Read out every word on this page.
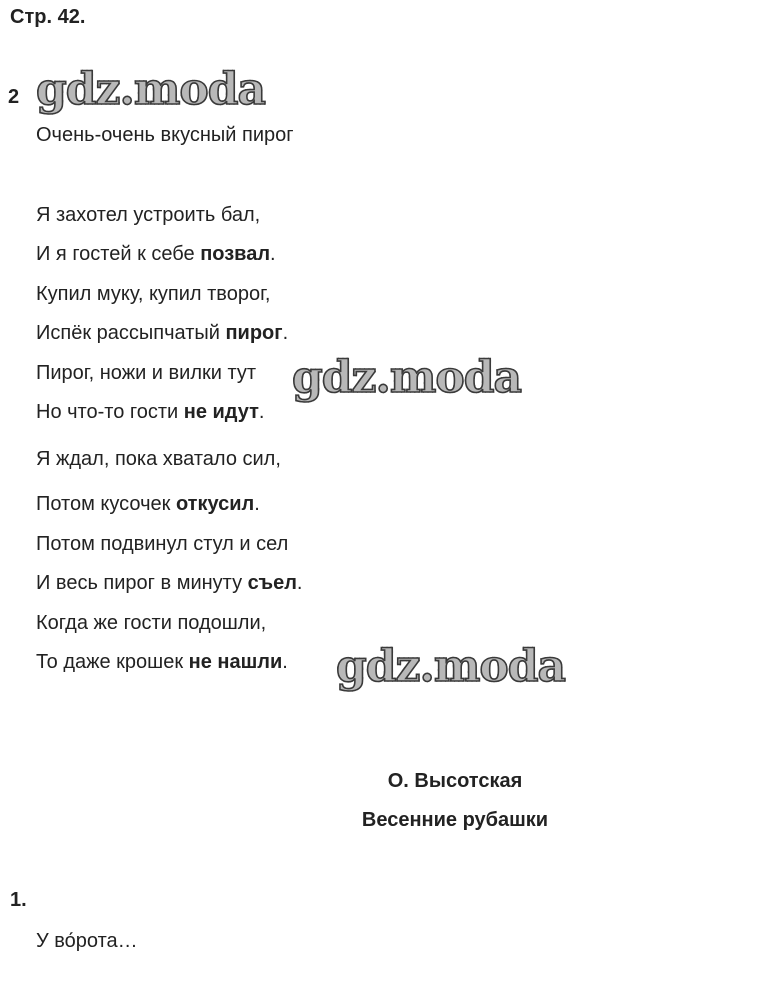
Стр. 42.
2 gdz.moda
Очень-очень вкусный пирог
Я захотел устроить бал,
И я гостей к себе позвал.
Купил муку, купил творог,
Испёк рассыпчатый пирог.
Пирог, ножи и вилки тут
Но что-то гости не идут.
Я ждал, пока хватало сил,
Потом кусочек откусил.
Потом подвинул стул и сел
И весь пирог в минуту съел.
Когда же гости подошли,
То даже крошек не нашли.
gdz.moda
gdz.moda
О. Высотская
Весенние рубашки
1.
У во́рота…
